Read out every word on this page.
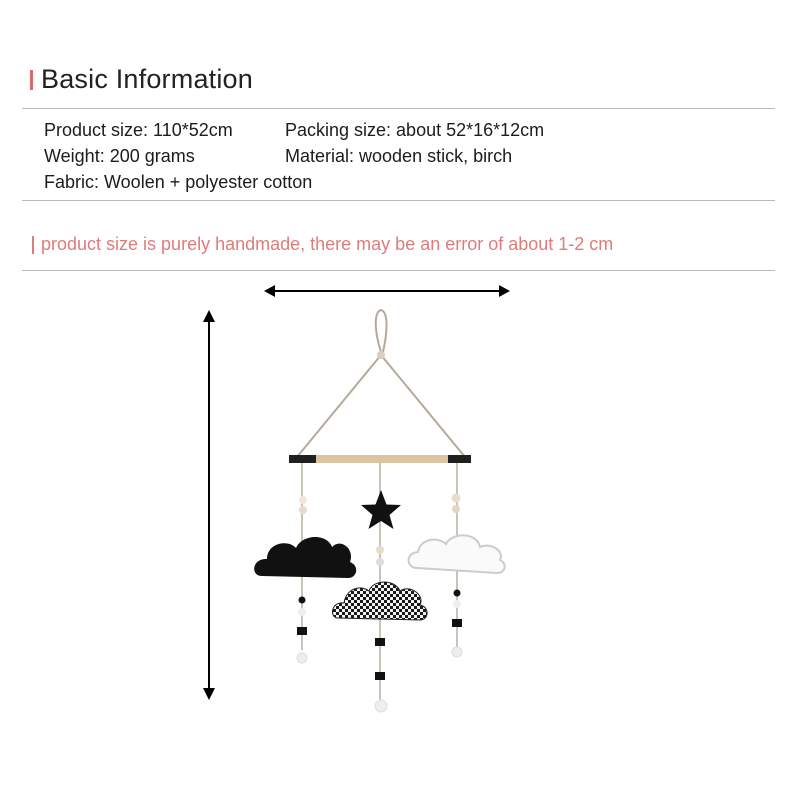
Basic Information
Product size: 110*52cm	Packing size: about 52*16*12cm
Weight: 200 grams	Material: wooden stick, birch
Fabric: Woolen + polyester cotton
product size is purely handmade, there may be an error of about 1-2 cm
